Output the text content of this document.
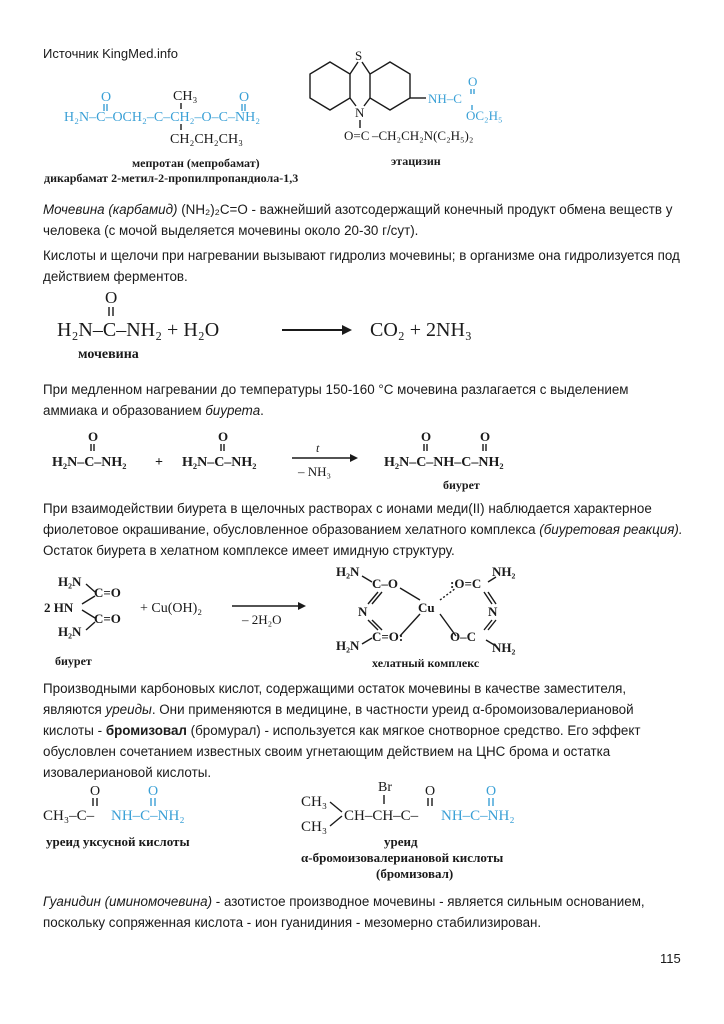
Источник KingMed.info
H₂N–C–OCH₂–C–CH₂–O–C–NH₂
O	CH₃
CH₂CH₂CH₃
O
мепротан (мепробамат)
дикарбамат 2-метил-2-пропилпропандиола-1,3
S
N
O=C –CH₂CH₂N(C₂H₅)₂
этацизин
NH–C
O
OC₂H₅
O
H₂N–C–NH₂ + H₂O	CO₂ + 2NH₃
мочевина
O
H₂N–C–NH₂ +
O
H₂N–C–NH₂
t
– NH₃
O	O
H₂N–C–NH–C–NH₂
биурет
H₂N
C=O
2 HN
C=O
H₂N
биурет
+ Cu(OH)₂
– 2H₂O
H₂N
C–O
N
C=O:
H₂N
Cu
:O=C
NH₂
N
O–C
NH₂
хелатный комплекс
O	O
CH₃–C– NH–C–NH₂
уреид уксусной кислоты
Br O	O
CH₃
CH₃
CH–CH–C– NH–C–NH₂
уреид
α-бромоизовалериановой кислоты
(бромизовал)

Мочевина (карбамид) (NH₂)₂C=O - важнейший азотсодержащий конечный продукт обмена веществ у человека (с мочой выделяется мочевины около 20-30 г/сут).

Кислоты и щелочи при нагревании вызывают гидролиз мочевины; в организме она гидролизуется под действием ферментов.

При медленном нагревании до температуры 150-160 °С мочевина разлагается с выделением аммиака и образованием биурета.

При взаимодействии биурета в щелочных растворах с ионами меди(II) наблюдается характерное фиолетовое окрашивание, обусловленное образованием хелатного комплекса (биуретовая реакция). Остаток биурета в хелатном комплексе имеет имидную структуру.

Производными карбоновых кислот, содержащими остаток мочевины в качестве заместителя, являются уреиды. Они применяются в медицине, в частности уреид α-бромоизовалериановой кислоты - бромизовал (бромурал) - используется как мягкое снотворное средство. Его эффект обусловлен сочетанием известных своим угнетающим действием на ЦНС брома и остатка изовалериановой кислоты.

Гуанидин (иминомочевина) - азотистое производное мочевины - является сильным основанием, поскольку сопряженная кислота - ион гуанидиния - мезомерно стабилизирован.

115
